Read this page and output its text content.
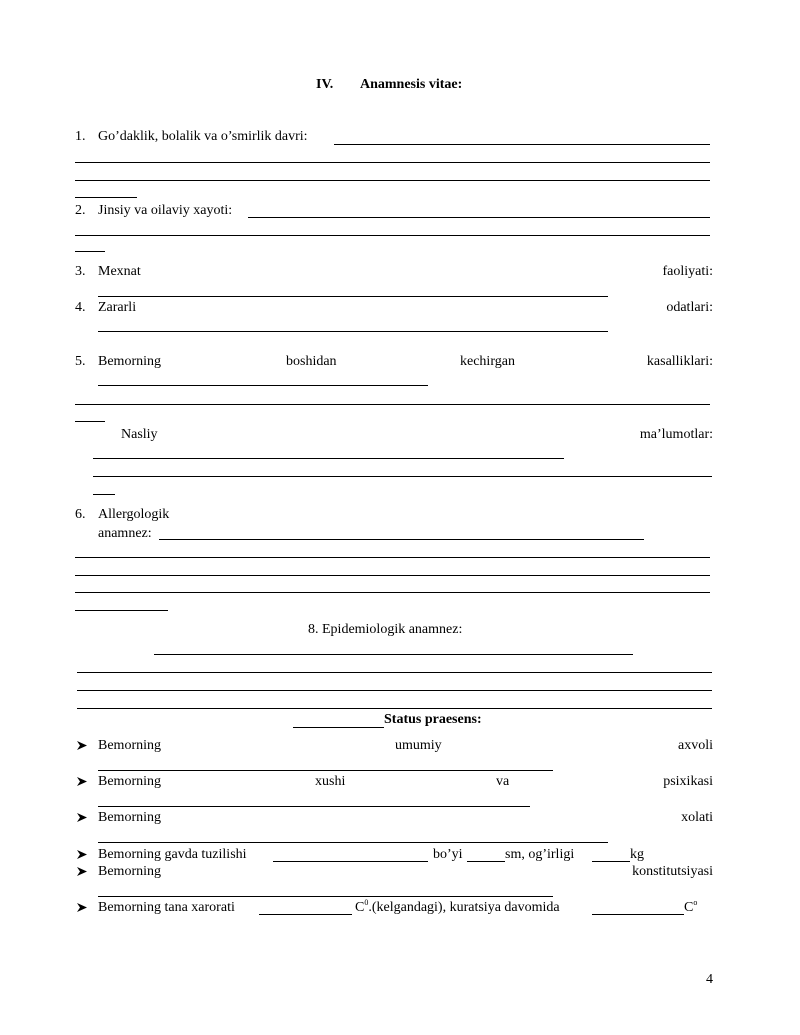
IV. Anamnesis vitae:
1. Go’daklik, bolalik va o’smirlik davri:
2. Jinsiy va oilaviy xayoti:
3. Mexnat	faoliyati:
4. Zararli	odatlari:
5. Bemorning	boshidan	kechirgan	kasalliklari:
Nasliy	ma’lumotlar:
6. Allergologik
anamnez:
8. Epidemiologik anamnez:
Status praesens:
Bemorning	umumiy	axvoli
Bemorning	xushi	va	psixikasi
Bemorning	xolati
Bemorning gavda tuzilishi	bo’yi	sm, og’irligi	kg
Bemorning	konstitutsiyasi
Bemorning tana xarorati	$C^0.(kelgandagi)$, kuratsiya davomida	$C^o$
4
